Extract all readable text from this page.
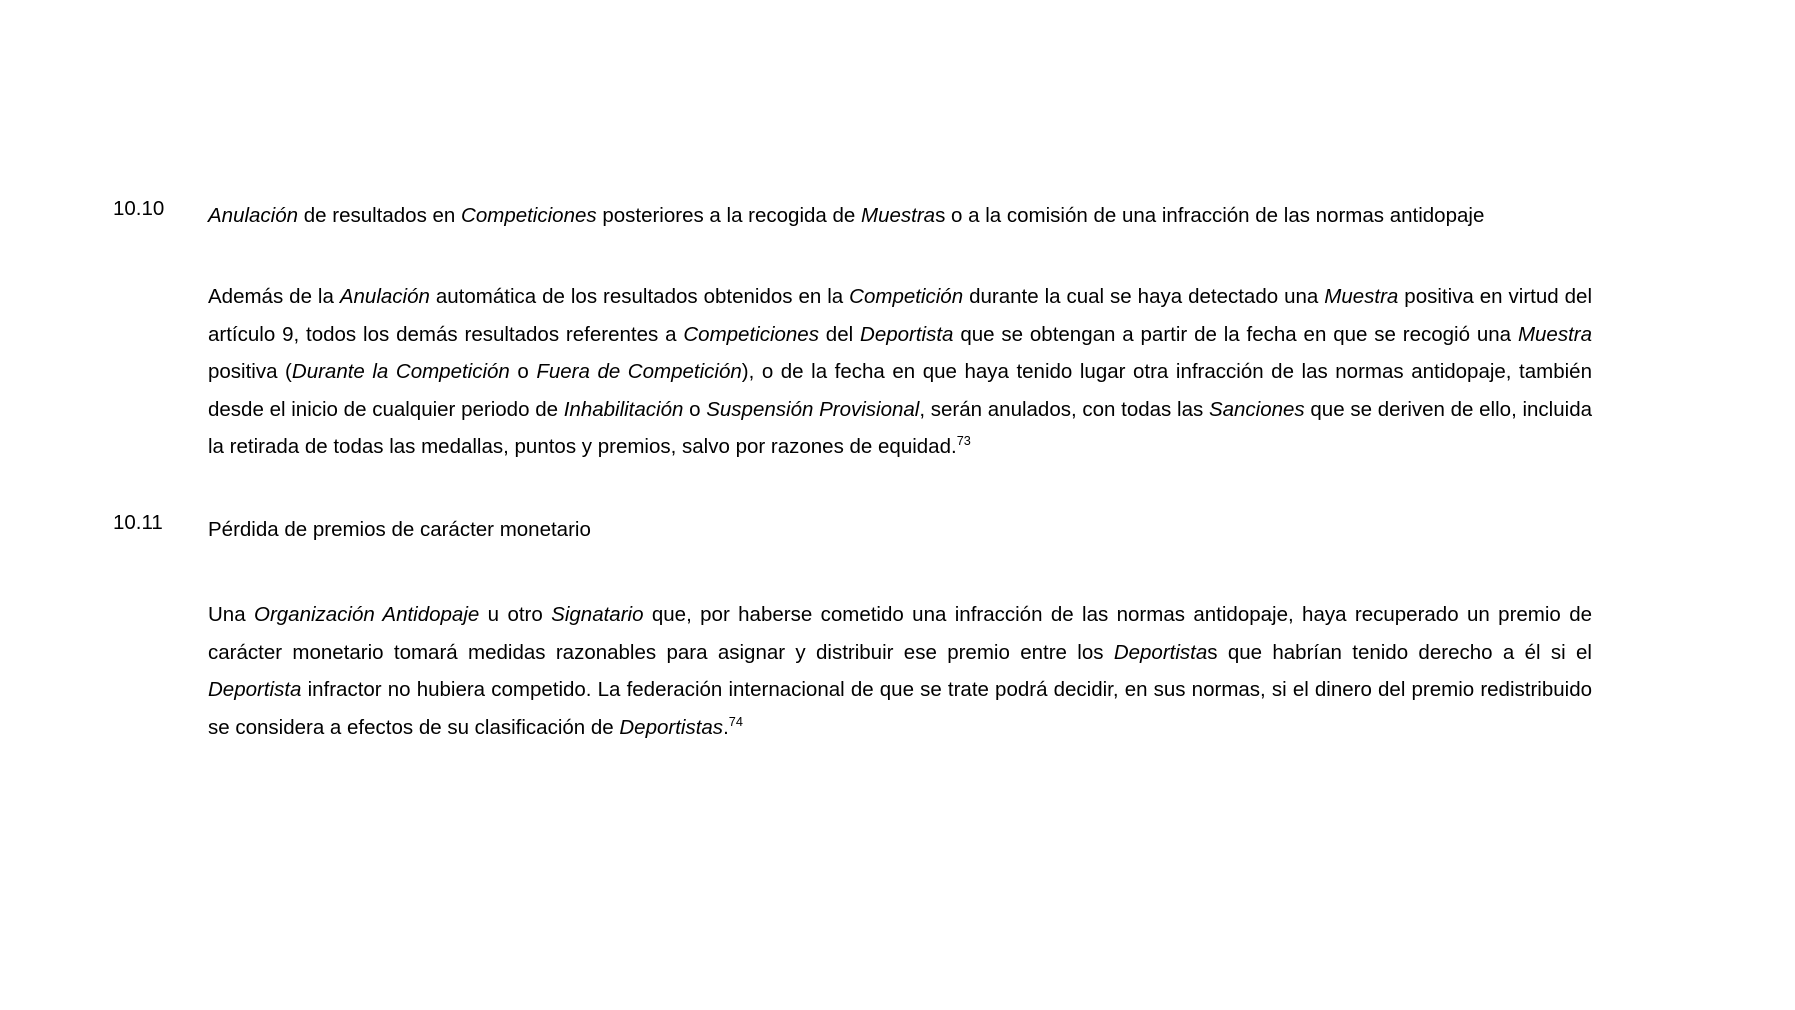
10.10 Anulación de resultados en Competiciones posteriores a la recogida de Muestras o a la comisión de una infracción de las normas antidopaje

Además de la Anulación automática de los resultados obtenidos en la Competición durante la cual se haya detectado una Muestra positiva en virtud del artículo 9, todos los demás resultados referentes a Competiciones del Deportista que se obtengan a partir de la fecha en que se recogió una Muestra positiva (Durante la Competición o Fuera de Competición), o de la fecha en que haya tenido lugar otra infracción de las normas antidopaje, también desde el inicio de cualquier periodo de Inhabilitación o Suspensión Provisional, serán anulados, con todas las Sanciones que se deriven de ello, incluida la retirada de todas las medallas, puntos y premios, salvo por razones de equidad.$^{73}$

10.11 Pérdida de premios de carácter monetario

Una Organización Antidopaje u otro Signatario que, por haberse cometido una infracción de las normas antidopaje, haya recuperado un premio de carácter monetario tomará medidas razonables para asignar y distribuir ese premio entre los Deportistas que habrían tenido derecho a él si el Deportista infractor no hubiera competido. La federación internacional de que se trate podrá decidir, en sus normas, si el dinero del premio redistribuido se considera a efectos de su clasificación de Deportistas.$^{74}$
